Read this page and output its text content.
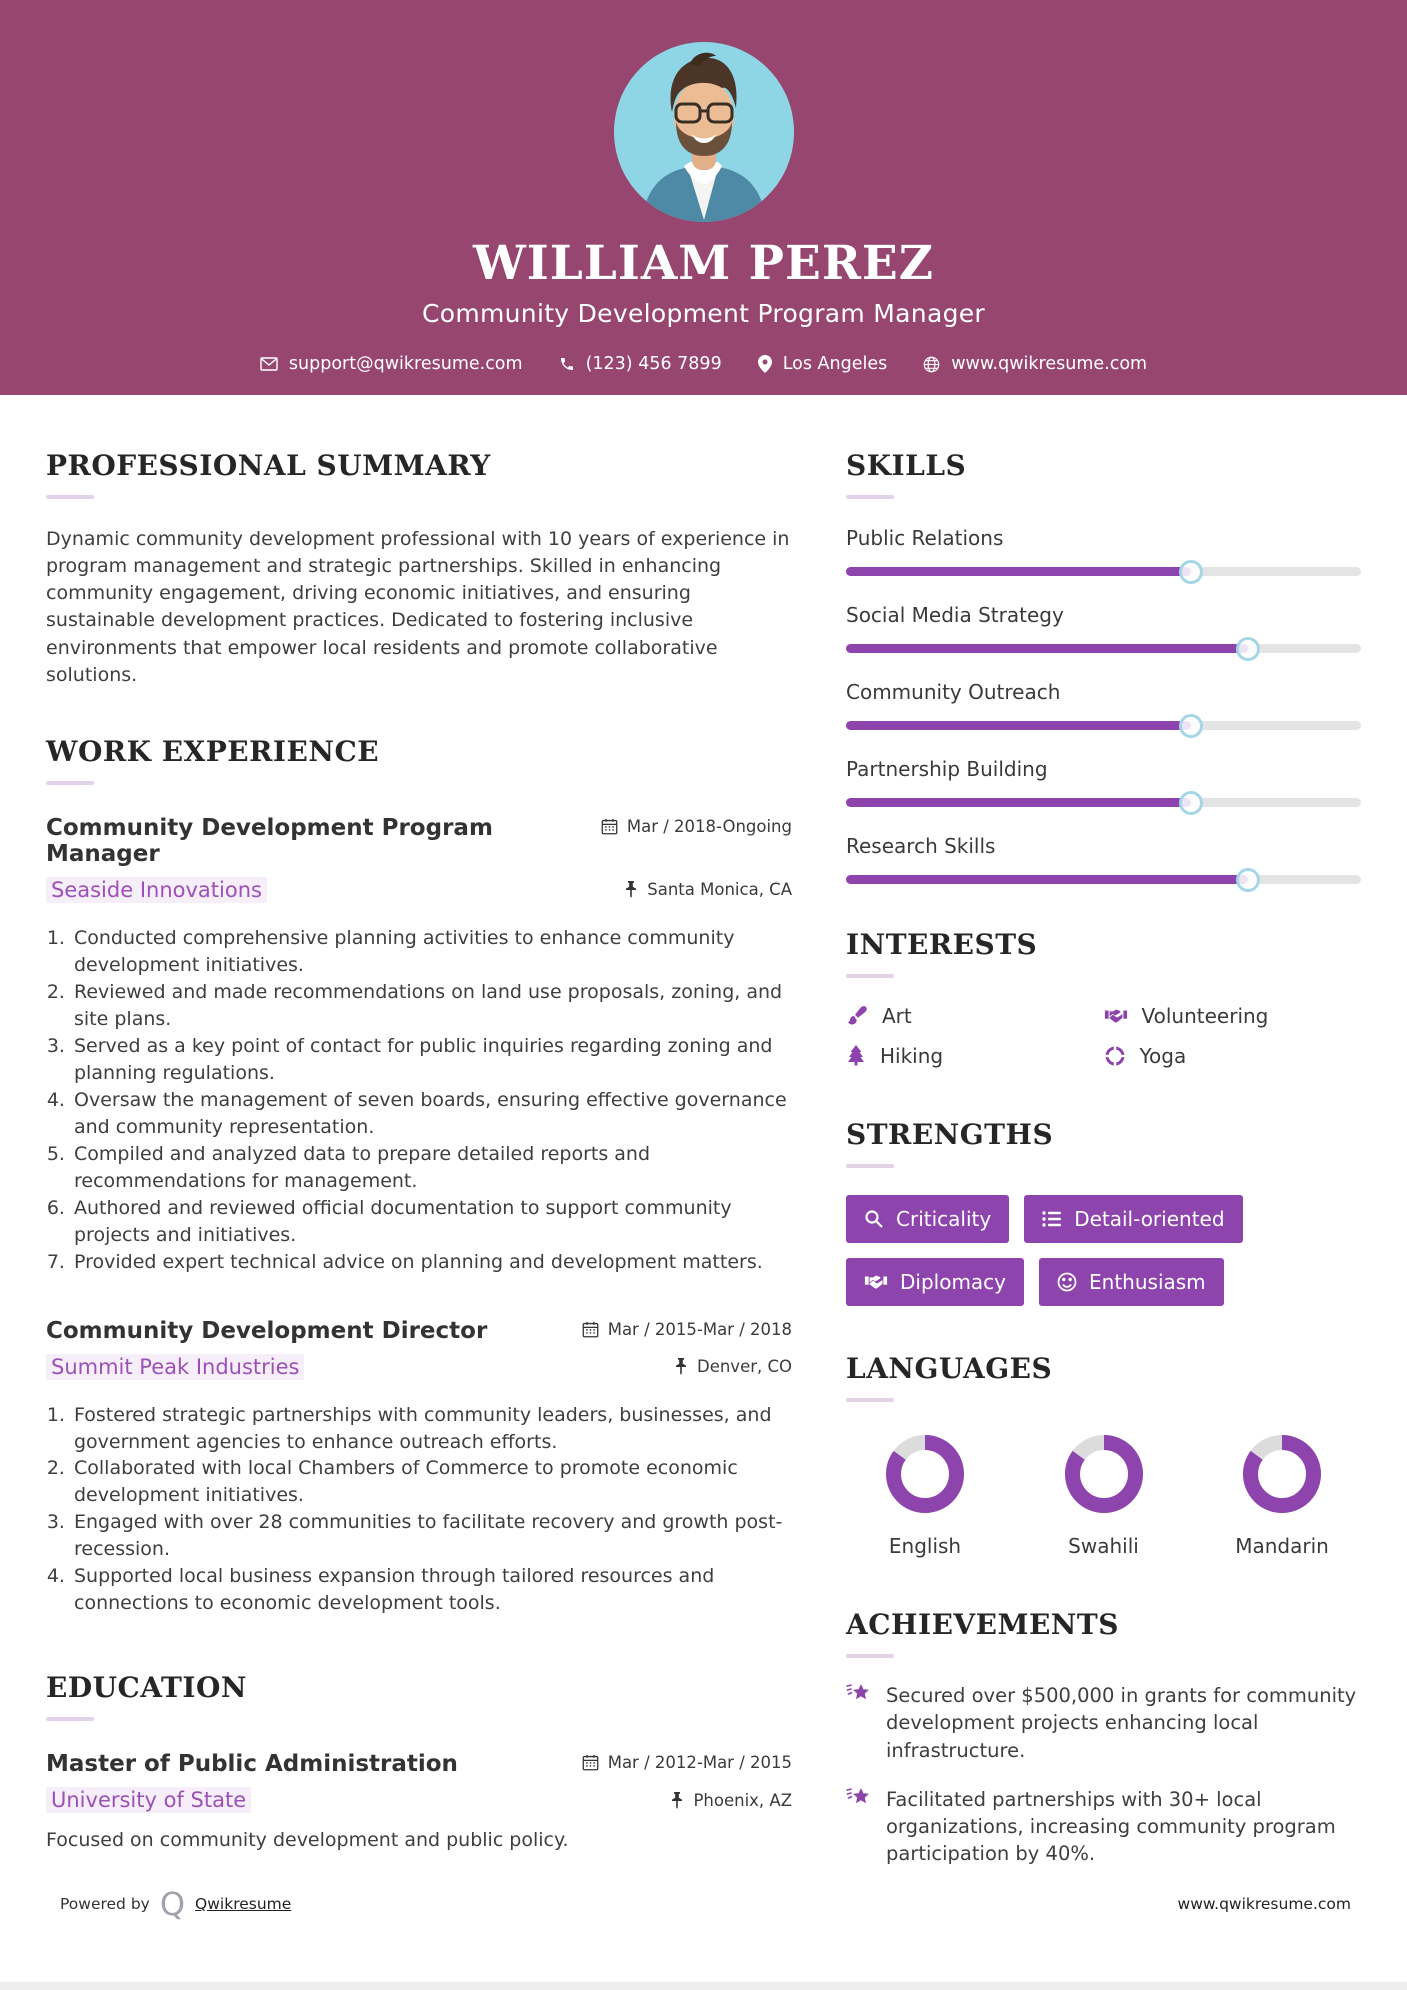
WILLIAM PEREZ
Community Development Program Manager
support@qwikresume.com	(123) 456 7899	Los Angeles	www.qwikresume.com
PROFESSIONAL SUMMARY

Dynamic community development professional with 10 years of experience in program management and strategic partnerships. Skilled in enhancing community engagement, driving economic initiatives, and ensuring sustainable development practices. Dedicated to fostering inclusive environments that empower local residents and promote collaborative solutions.

WORK EXPERIENCE
Community Development Program Manager
Mar / 2018-Ongoing
Seaside Innovations	Santa Monica, CA
1. Conducted comprehensive planning activities to enhance community development initiatives.
2. Reviewed and made recommendations on land use proposals, zoning, and site plans.
3. Served as a key point of contact for public inquiries regarding zoning and planning regulations.
4. Oversaw the management of seven boards, ensuring effective governance and community representation.
5. Compiled and analyzed data to prepare detailed reports and recommendations for management.
6. Authored and reviewed official documentation to support community projects and initiatives.
7. Provided expert technical advice on planning and development matters.
Community Development Director	Mar / 2015-Mar / 2018
Summit Peak Industries	Denver, CO
1. Fostered strategic partnerships with community leaders, businesses, and government agencies to enhance outreach efforts.
2. Collaborated with local Chambers of Commerce to promote economic development initiatives.
3. Engaged with over 28 communities to facilitate recovery and growth post-recession.
4. Supported local business expansion through tailored resources and connections to economic development tools.
EDUCATION
Master of Public Administration	Mar / 2012-Mar / 2015
University of State	Phoenix, AZ

Focused on community development and public policy.

SKILLS
Public Relations
Social Media Strategy
Community Outreach
Partnership Building
Research Skills
INTERESTS
Art	Volunteering
Hiking	Yoga
STRENGTHS
Criticality	Detail-oriented
Diplomacy	Enthusiasm
LANGUAGES
English	Swahili	Mandarin
ACHIEVEMENTS
Secured over $500,000 in grants for community development projects enhancing local infrastructure.
Facilitated partnerships with 30+ local organizations, increasing community program participation by 40%.
Powered by Q Qwikresume	www.qwikresume.com
